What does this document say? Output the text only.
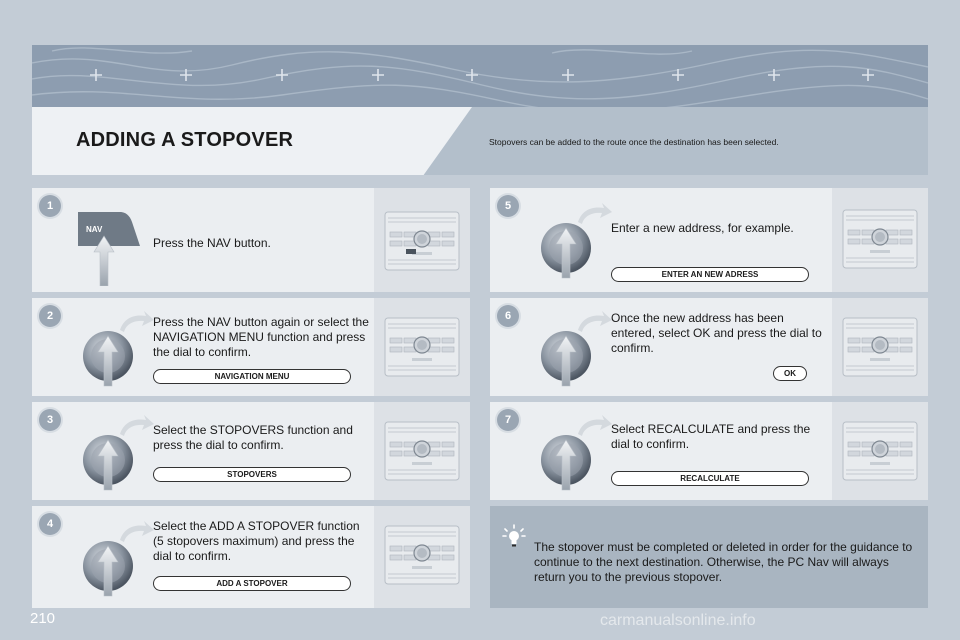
ADDING A STOPOVER	Stopovers can be added to the route once the destination has been selected.
1
NAV
Press the NAV button.
2	Press the NAV button again or select the NAVIGATION MENU function and press the dial to confirm.
NAVIGATION MENU
3
Select the STOPOVERS function and press the dial to confirm.
STOPOVERS
4	Select the ADD A STOPOVER function (5 stopovers maximum) and press the dial to confirm.
ADD A STOPOVER
5
Enter a new address, for example.
ENTER AN NEW ADRESS
6	Once the new address has been entered, select OK and press the dial to confirm.
OK
7
Select RECALCULATE and press the dial to confirm.
RECALCULATE
The stopover must be completed or deleted in order for the guidance to continue to the next destination. Otherwise, the PC Nav will always return you to the previous stopover.
210	carmanualsonline.info
